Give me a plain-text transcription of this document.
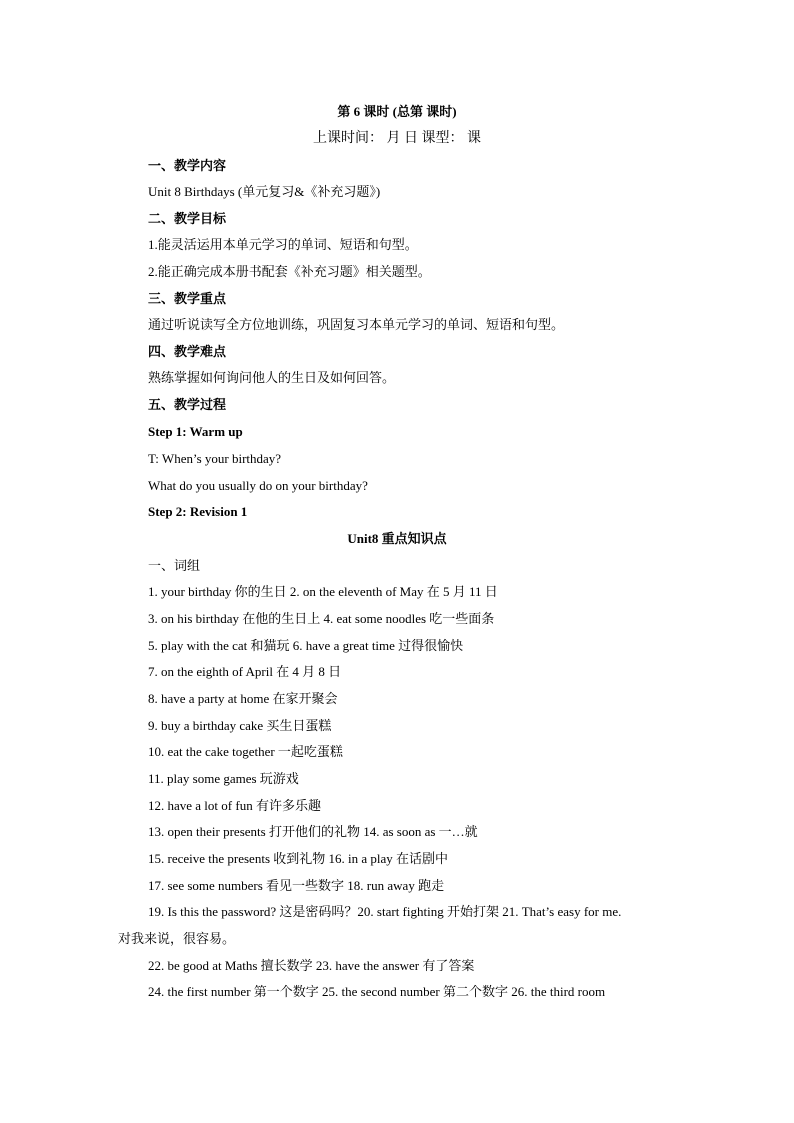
第 6 课时 (总第 课时)
上课时间： 月 日 课型： 课
一、教学内容
Unit 8 Birthdays (单元复习&《补充习题》)
二、教学目标
1.能灵活运用本单元学习的单词、短语和句型。
2.能正确完成本册书配套《补充习题》相关题型。
三、教学重点
通过听说读写全方位地训练，巩固复习本单元学习的单词、短语和句型。
四、教学难点
熟练掌握如何询问他人的生日及如何回答。
五、教学过程
Step 1: Warm up
T: When’s your birthday?
What do you usually do on your birthday?
Step 2: Revision 1
Unit8 重点知识点
一、词组
1. your birthday 你的生日 2. on the eleventh of May 在 5 月 11 日
3. on his birthday 在他的生日上 4. eat some noodles 吃一些面条
5. play with the cat 和猫玩 6. have a great time 过得很愉快
7. on the eighth of April 在 4 月 8 日
8. have a party at home 在家开聚会
9. buy a birthday cake 买生日蛋糕
10. eat the cake together 一起吃蛋糕
11. play some games 玩游戏
12. have a lot of fun 有许多乐趣
13. open their presents 打开他们的礼物 14. as soon as 一…就
15. receive the presents 收到礼物 16. in a play 在话剧中
17. see some numbers 看见一些数字 18. run away 跑走
19. Is this the password? 这是密码吗？20. start fighting 开始打架 21. That’s easy for me.
对我来说，很容易。
22. be good at Maths 擅长数学 23. have the answer 有了答案
24. the first number 第一个数字 25. the second number 第二个数字 26. the third room
